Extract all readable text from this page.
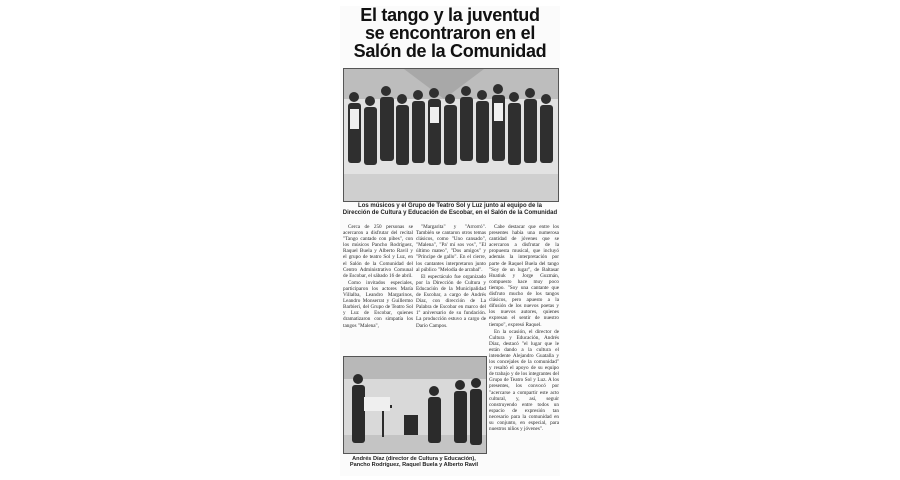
El tango y la juventud
se encontraron en el
Salón de la Comunidad
Los músicos y el Grupo de Teatro Sol y Luz junto al equipo de la
Dirección de Cultura y Educación de Escobar, en el Salón de la Comunidad

Cerca de 250 personas se acercaron a disfrutar del recital "Tango cantado con pibes", con los músicos Pancho Rodríguez, Raquel Buela y Alberto Ravil y el grupo de teatro Sol y Luz, en el Salón de la Comunidad del Centro Administrativo Comunal de Escobar, el sábado 16 de abril.

Como invitados especiales, participaron los actores María Villalba, Leandro Margarinos, Leandro Monserrat y Guillermo Barbieri, del Grupo de Teatro Sol y Luz de Escobar, quienes dramatizaron con simpatía los tangos "Malena",

"Margarita" y "Arrorró". También se cantaron otros temas clásicos, como "Uno cansado", "Malena", "Pa' mí sos vos", "El último mateo", "Dos amigos" y "Príncipe de gallo". En el cierre, los cantantes interpretaron junto al público "Melodía de arrabal".

El espectáculo fue organizado por la Dirección de Cultura y Educación de la Municipalidad de Escobar, a cargo de Andrés Díaz, con dirección de La Palabra de Escobar en marco del 1º aniversario de su fundación. La producción estuvo a cargo de Darío Campos.

Cabe destacar que entre los presentes había una numerosa cantidad de jóvenes que se acercaron a disfrutar de la propuesta musical, que incluyó además la interpretación por parte de Raquel Buela del tango "Soy de un lugar", de Baltasar Hnatiuk y Jorge Guzmán, compuesto hace muy poco tiempo. "Soy una cantante que disfruto mucho de los tangos clásicos, pero apuesto a la difusión de los nuevos poetas y los nuevos autores, quienes expresan el sentir de nuestro tiempo", expresó Raquel.

En la ocasión, el director de Cultura y Educación, Andrés Díaz, destacó "el lugar que le están dando a la cultura el intendente Alejandro Guatalla y los concejales de la comunidad" y resaltó el apoyo de su equipo de trabajo y de los integrantes del Grupo de Teatro Sol y Luz. A los presentes, los convocó por "acercarse a compartir este acto cultural, y, así, seguir construyendo entre todos un espacio de expresión tan necesario para la comunidad en su conjunto, en especial, para nuestros niños y jóvenes".

Andrés Díaz (director de Cultura y Educación),
Pancho Rodríguez, Raquel Buela y Alberto Ravil
